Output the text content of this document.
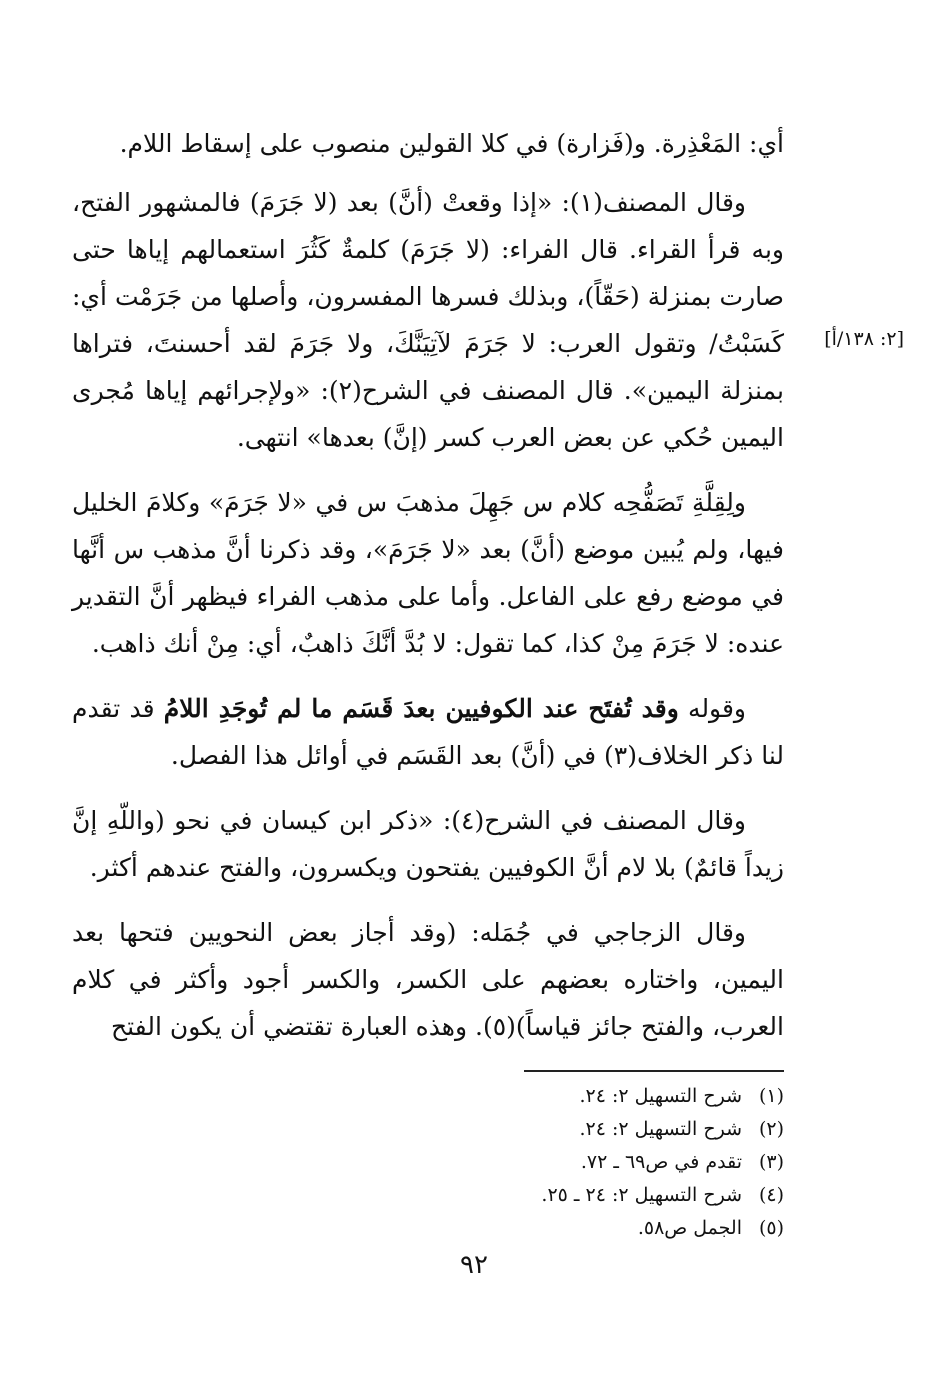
[٢: ١٣٨/أ]

أي: المَعْذِرة. و(فَزارة) في كلا القولين منصوب على إسقاط اللام.

وقال المصنف(١): «إذا وقعتْ (أنَّ) بعد (لا جَرَمَ) فالمشهور الفتح، وبه قرأ القراء. قال الفراء: (لا جَرَمَ) كلمةٌ كَثُرَ استعمالهم إياها حتى صارت بمنزلة (حَقّاً)، وبذلك فسرها المفسرون، وأصلها من جَرَمْت أي: كَسَبْتُ/ وتقول العرب: لا جَرَمَ لآتِيَنَّكَ، ولا جَرَمَ لقد أحسنتَ، فتراها بمنزلة اليمين». قال المصنف في الشرح(٢): «ولإجرائهم إياها مُجرى اليمين حُكي عن بعض العرب كسر (إنَّ) بعدها» انتهى.

ولِقِلَّةِ تَصَفُّحِه كلام س جَهِلَ مذهبَ س في «لا جَرَمَ» وكلامَ الخليل فيها، ولم يُبين موضع (أنَّ) بعد «لا جَرَمَ»، وقد ذكرنا أنَّ مذهب س أنَّها في موضع رفع على الفاعل. وأما على مذهب الفراء فيظهر أنَّ التقدير عنده: لا جَرَمَ مِنْ كذا، كما تقول: لا بُدَّ أنَّكَ ذاهبٌ، أي: مِنْ أنك ذاهب.

وقوله وقد تُفتَح عند الكوفيين بعدَ قَسَم ما لم تُوجَدِ اللامُ قد تقدم لنا ذكر الخلاف(٣) في (أنَّ) بعد القَسَم في أوائل هذا الفصل.

وقال المصنف في الشرح(٤): «ذكر ابن كيسان في نحو (واللّهِ إنَّ زيداً قائمٌ) بلا لام أنَّ الكوفيين يفتحون ويكسرون، والفتح عندهم أكثر.

وقال الزجاجي في جُمَله: (وقد أجاز بعض النحويين فتحها بعد اليمين، واختاره بعضهم على الكسر، والكسر أجود وأكثر في كلام العرب، والفتح جائز قياساً)(٥). وهذه العبارة تقتضي أن يكون الفتح

(١)
شرح التسهيل ٢: ٢٤.
(٢)
شرح التسهيل ٢: ٢٤.
(٣)
تقدم في ص٦٩ ـ ٧٢.
(٤)
شرح التسهيل ٢: ٢٤ ـ ٢٥.
(٥)
الجمل ص٥٨.
٩٢
